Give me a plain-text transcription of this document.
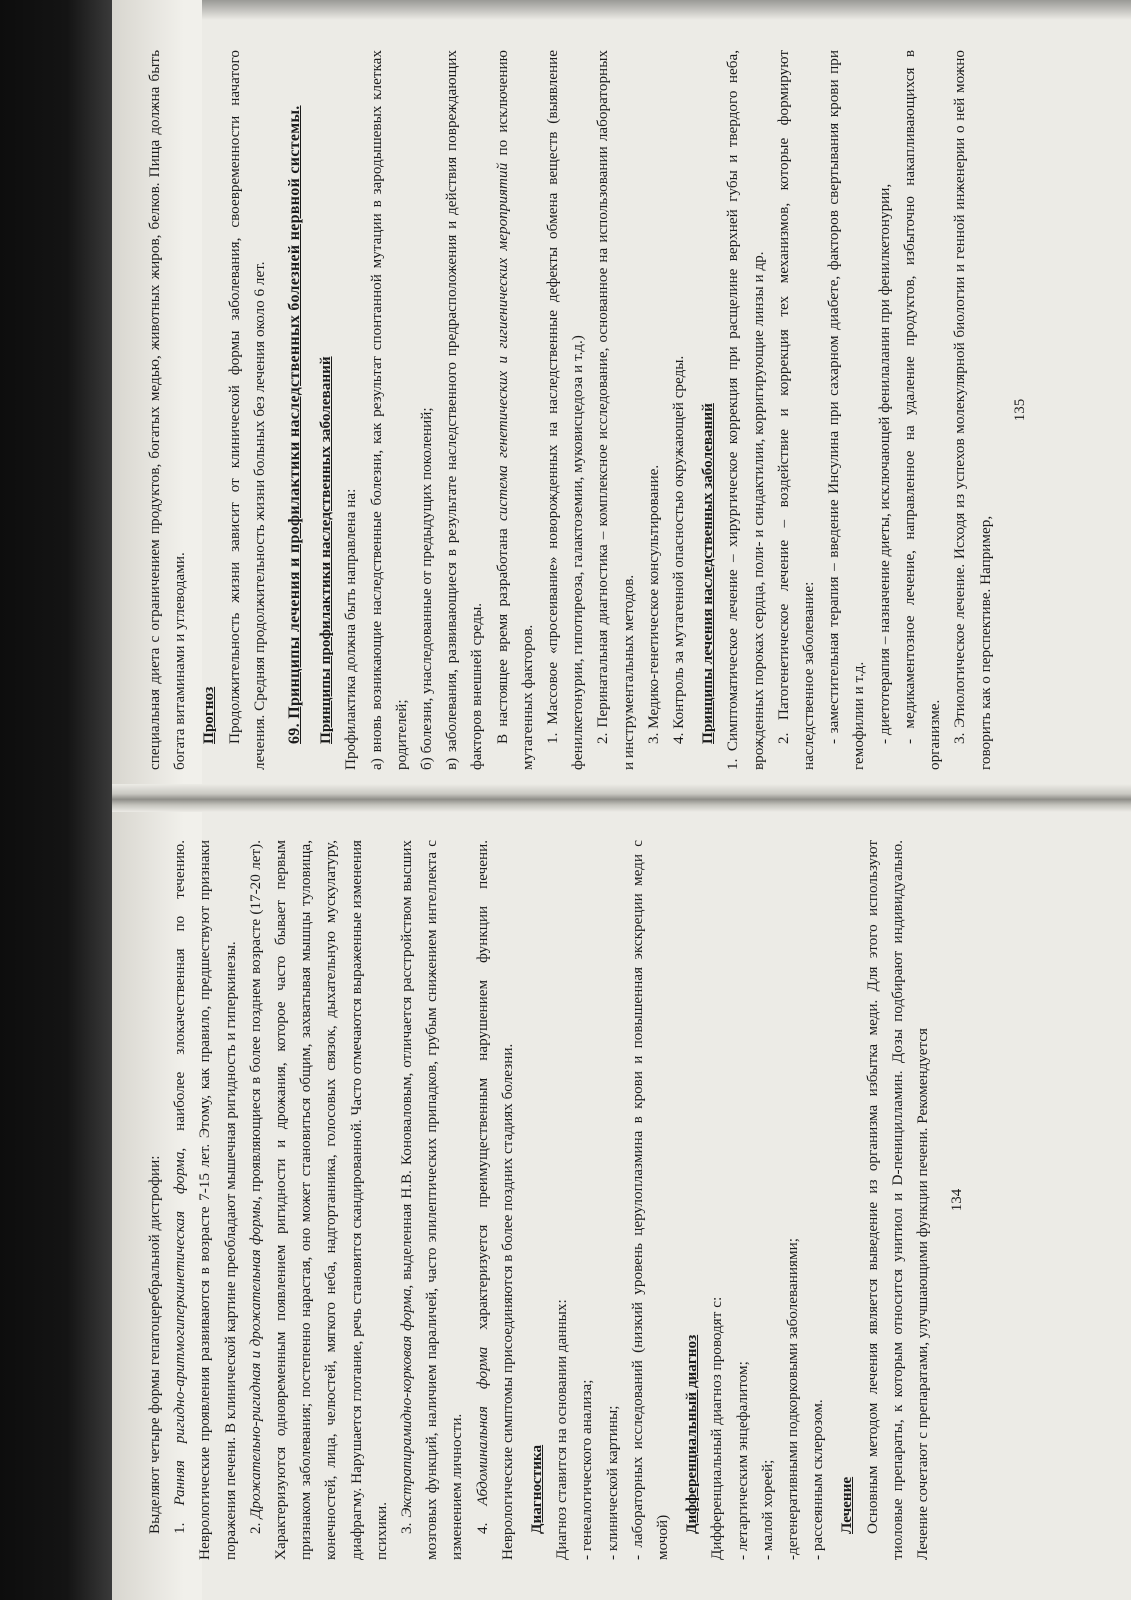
специальная диета с ограничением продуктов, богатых медью, животных жиров, белков. Пища должна быть богата витаминами и углеводами. Прогноз Продолжительность жизни зависит от клинической формы заболевания, своевременности начатого лечения. Средняя продолжительность жизни больных без лечения около 6 лет. 69. Принципы лечения и профилактики наследственных болезней нервной системы. Принципы профилактики наследственных заболеваний Профилактика должна быть направлена на: а) вновь возникающие наследственные болезни, как результат спонтанной мутации в зародышевых клетках родителей; б) болезни, унаследованные от предыдущих поколений; в) заболевания, развивающиеся в результате наследственного предрасположения и действия повреждающих факторов внешней среды. В настоящее время разработана система генетических и гигиенических мероприятий по исключению мутагенных факторов. 1. Массовое «просеивание» новорожденных на наследственные дефекты обмена веществ (выявление фенилкетонурии, гипотиреоза, галактоземии, муковисцедоза и т.д.) 2. Перинатальная диагностика – комплексное исследование, основанное на использовании лабораторных и инструментальных методов. 3. Медико-генетическое консультирование. 4. Контроль за мутагенной опасностью окружающей среды. Принципы лечения наследственных заболеваний 1. Симптоматическое лечение – хирургическое коррекция при расщелине верхней губы и твердого неба, врожденных пороках сердца, поли- и синдактилии, корригирующие линзы и др. 2. Патогенетическое лечение – воздействие и коррекция тех механизмов, которые формируют наследственное заболевание: - заместительная терапия – введение Инсулина при сахарном диабете, факторов свертывания крови при гемофилии и т.д. - диетотерапия – назначение диеты, исключающей фенилаланин при фенилкетонурии, - медикаментозное лечение, направленное на удаление продуктов, избыточно накапливающихся в организме. 3. Этиологическое лечение. Исходя из успехов молекулярной биологии и генной инженерии о ней можно говорить как о перспективе. Например,

135

Выделяют четыре формы гепатоцеребральной дистрофии: 1. Ранняя ригидно-аритмогиперкинетическая форма, наиболее злокачественная по течению. Неврологические проявления развиваются в возрасте 7-15 лет. Этому, как правило, предшествуют признаки поражения печени. В клинической картине преобладают мышечная ригидность и гиперкинезы. 2. Дрожательно-ригидная и дрожательная формы, проявляющиеся в более позднем возрасте (17-20 лет). Характеризуются одновременным появлением ригидности и дрожания, которое часто бывает первым признаком заболевания; постепенно нарастая, оно может становиться общим, захватывая мышцы туловища, конечностей, лица, челюстей, мягкого неба, надгортанника, голосовых связок, дыхательную мускулатуру, диафрагму. Нарушается глотание, речь становится скандированной. Часто отмечаются выраженные изменения психики. 3. Экстрапирамидно-корковая форма, выделенная Н.В. Коноваловым, отличается расстройством высших мозговых функций, наличием параличей, часто эпилептических припадков, грубым снижением интеллекта с изменением личности. 4. Абдоминальная форма характеризуется преимущественным нарушением функции печени. Неврологические симптомы присоединяются в более поздних стадиях болезни. Диагностика Диагноз ставится на основании данных: - генеалогического анализа; - клинической картины; - лабораторных исследований (низкий уровень церулоплазмина в крови и повышенная экскреции меди с мочой)

Дифференциальный диагноз Дифференциальный диагноз проводят с: - летаргическим энцефалитом; - малой хореей; -дегенеративными подкорковыми заболеваниями; - рассеянным склерозом. Лечение Основным методом лечения является выведение из организма избытка меди. Для этого используют тиоловые препараты, к которым относится унитиол и D-пеницилламин. Дозы подбирают индивидуально. Лечение сочетают с препаратами, улучшающими функции печени. Рекомендуется 134
